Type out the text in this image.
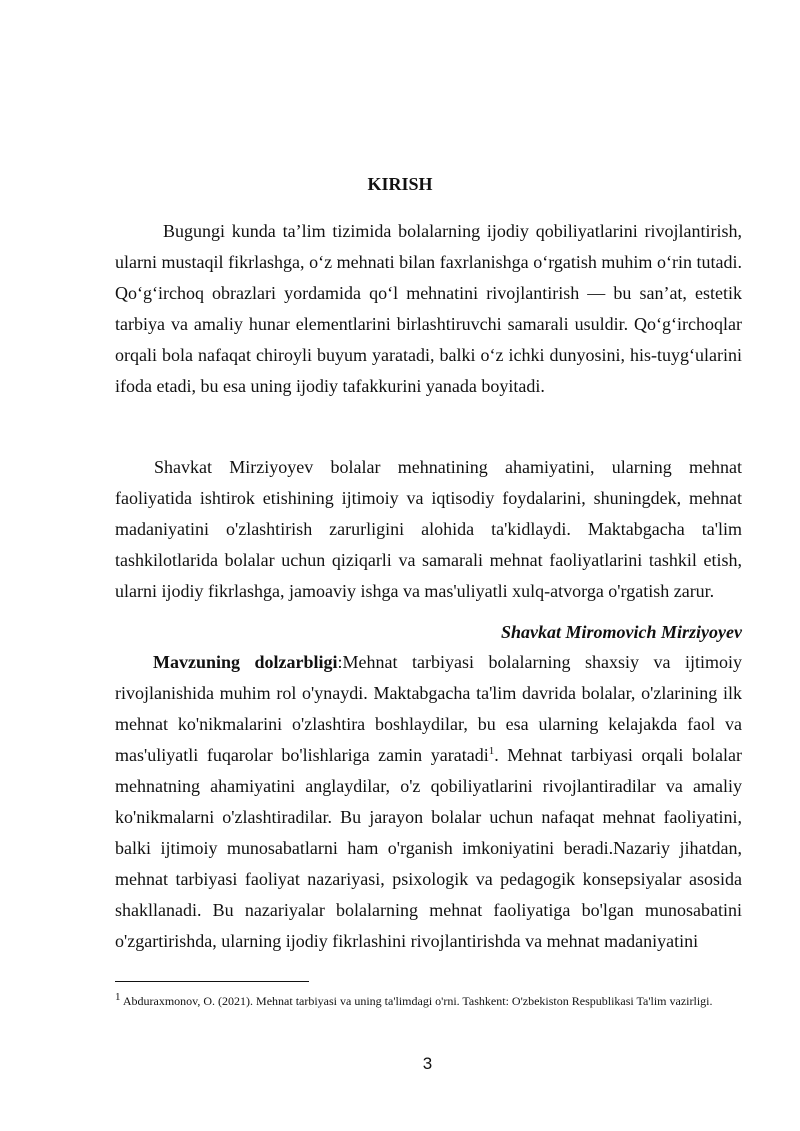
KIRISH

Bugungi kunda ta’lim tizimida bolalarning ijodiy qobiliyatlarini rivojlantirish, ularni mustaqil fikrlashga, o‘z mehnati bilan faxrlanishga o‘rgatish muhim o‘rin tutadi. Qo‘g‘irchoq obrazlari yordamida qo‘l mehnatini rivojlantirish — bu san’at, estetik tarbiya va amaliy hunar elementlarini birlashtiruvchi samarali usuldir. Qo‘g‘irchoqlar orqali bola nafaqat chiroyli buyum yaratadi, balki o‘z ichki dunyosini, his-tuyg‘ularini ifoda etadi, bu esa uning ijodiy tafakkurini yanada boyitadi.

Shavkat Mirziyoyev bolalar mehnatining ahamiyatini, ularning mehnat faoliyatida ishtirok etishining ijtimoiy va iqtisodiy foydalarini, shuningdek, mehnat madaniyatini o'zlashtirish zarurligini alohida ta'kidlaydi. Maktabgacha ta'lim tashkilotlarida bolalar uchun qiziqarli va samarali mehnat faoliyatlarini tashkil etish, ularni ijodiy fikrlashga, jamoaviy ishga va mas'uliyatli xulq-atvorga o'rgatish zarur.

Shavkat Miromovich Mirziyoyev

Mavzuning dolzarbligi:Mehnat tarbiyasi bolalarning shaxsiy va ijtimoiy rivojlanishida muhim rol o'ynaydi. Maktabgacha ta'lim davrida bolalar, o'zlarining ilk mehnat ko'nikmalarini o'zlashtira boshlaydilar, bu esa ularning kelajakda faol va mas'uliyatli fuqarolar bo'lishlariga zamin yaratadi$^1$. Mehnat tarbiyasi orqali bolalar mehnatning ahamiyatini anglaydilar, o'z qobiliyatlarini rivojlantiradilar va amaliy ko'nikmalarni o'zlashtiradilar. Bu jarayon bolalar uchun nafaqat mehnat faoliyatini, balki ijtimoiy munosabatlarni ham o'rganish imkoniyatini beradi.Nazariy jihatdan, mehnat tarbiyasi faoliyat nazariyasi, psixologik va pedagogik konsepsiyalar asosida shakllanadi. Bu nazariyalar bolalarning mehnat faoliyatiga bo'lgan munosabatini o'zgartirishda, ularning ijodiy fikrlashini rivojlantirishda va mehnat madaniyatini

$^1$ Abduraxmonov, O. (2021). Mehnat tarbiyasi va uning ta'limdagi o'rni. Tashkent: O'zbekiston Respublikasi Ta'lim vazirligi.
3
